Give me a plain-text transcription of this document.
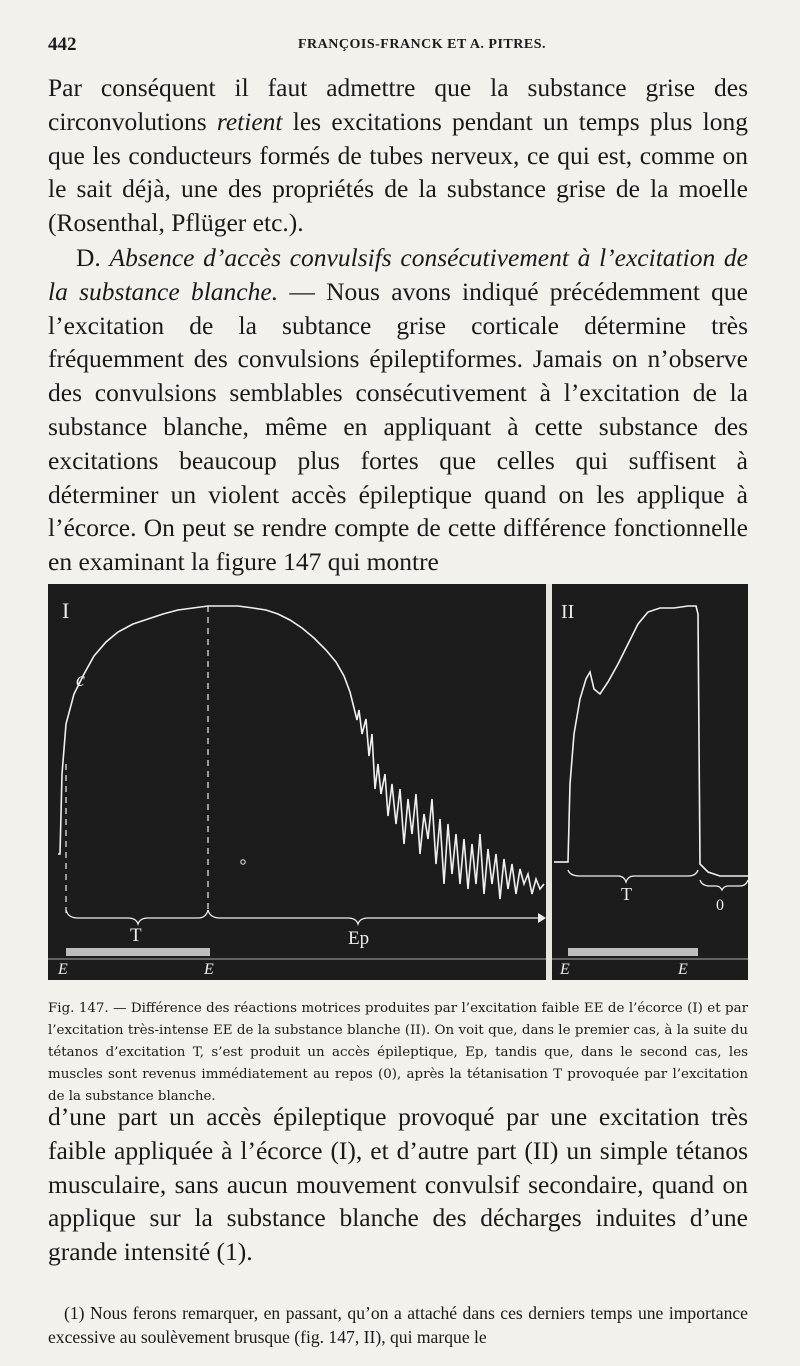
442	FRANÇOIS-FRANCK ET A. PITRES.

Par conséquent il faut admettre que la substance grise des circonvolutions retient les excitations pendant un temps plus long que les conducteurs formés de tubes nerveux, ce qui est, comme on le sait déjà, une des propriétés de la substance grise de la moelle (Rosenthal, Pflüger etc.).

D. Absence d’accès convulsifs consécutivement à l’excitation de la substance blanche. — Nous avons indiqué précédemment que l’excitation de la subtance grise corticale détermine très fréquemment des convulsions épileptiformes. Jamais on n’observe des convulsions semblables consécutivement à l’excitation de la substance blanche, même en appliquant à cette substance des excitations beaucoup plus fortes que celles qui suffisent à déterminer un violent accès épileptique quand on les applique à l’écorce. On peut se rendre compte de cette différence fonctionnelle en examinant la figure 147 qui montre

I	II
c
T	Ep
E	E
T
0
E	E

Fig. 147. — Différence des réactions motrices produites par l’excitation faible EE de l’écorce (I) et par l’excitation très-intense EE de la substance blanche (II). On voit que, dans le premier cas, à la suite du tétanos d’excitation T, s’est produit un accès épileptique, Ep, tandis que, dans le second cas, les muscles sont revenus immédiatement au repos (0), après la tétanisation T provoquée par l’excitation de la substance blanche.

d’une part un accès épileptique provoqué par une excitation très faible appliquée à l’écorce (I), et d’autre part (II) un simple tétanos musculaire, sans aucun mouvement convulsif secondaire, quand on applique sur la substance blanche des décharges induites d’une grande intensité (1).

(1) Nous ferons remarquer, en passant, qu’on a attaché dans ces derniers temps une importance excessive au soulèvement brusque (fig. 147, II), qui marque le
